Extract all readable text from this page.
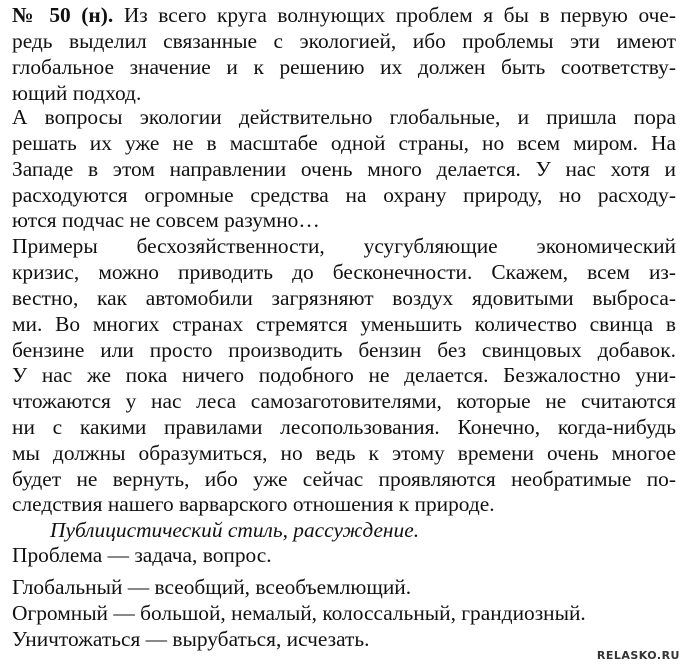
№ 50 (н). Из всего круга волнующих проблем я бы в первую оче-
редь выделил связанные с экологией, ибо проблемы эти имеют
глобальное значение и к решению их должен быть соответству-
ющий подход.
А вопросы экологии действительно глобальные, и пришла пора
решать их уже не в масштабе одной страны, но всем миром. На
Западе в этом направлении очень много делается. У нас хотя и
расходуются огромные средства на охрану природу, но расходу-
ются подчас не совсем разумно…
Примеры бесхозяйственности, усугубляющие экономический
кризис, можно приводить до бесконечности. Скажем, всем из-
вестно, как автомобили загрязняют воздух ядовитыми выброса-
ми. Во многих странах стремятся уменьшить количество свинца в
бензине или просто производить бензин без свинцовых добавок.
У нас же пока ничего подобного не делается. Безжалостно уни-
чтожаются у нас леса самозаготовителями, которые не считаются
ни с какими правилами лесопользования. Конечно, когда-нибудь
мы должны образумиться, но ведь к этому времени очень многое
будет не вернуть, ибо уже сейчас проявляются необратимые по-
следствия нашего варварского отношения к природе.
Публицистический стиль, рассуждение.
Проблема — задача, вопрос.
Глобальный — всеобщий, всеобъемлющий.
Огромный — большой, немалый, колоссальный, грандиозный.
Уничтожаться — вырубаться, исчезать.
RELASKO.RU
